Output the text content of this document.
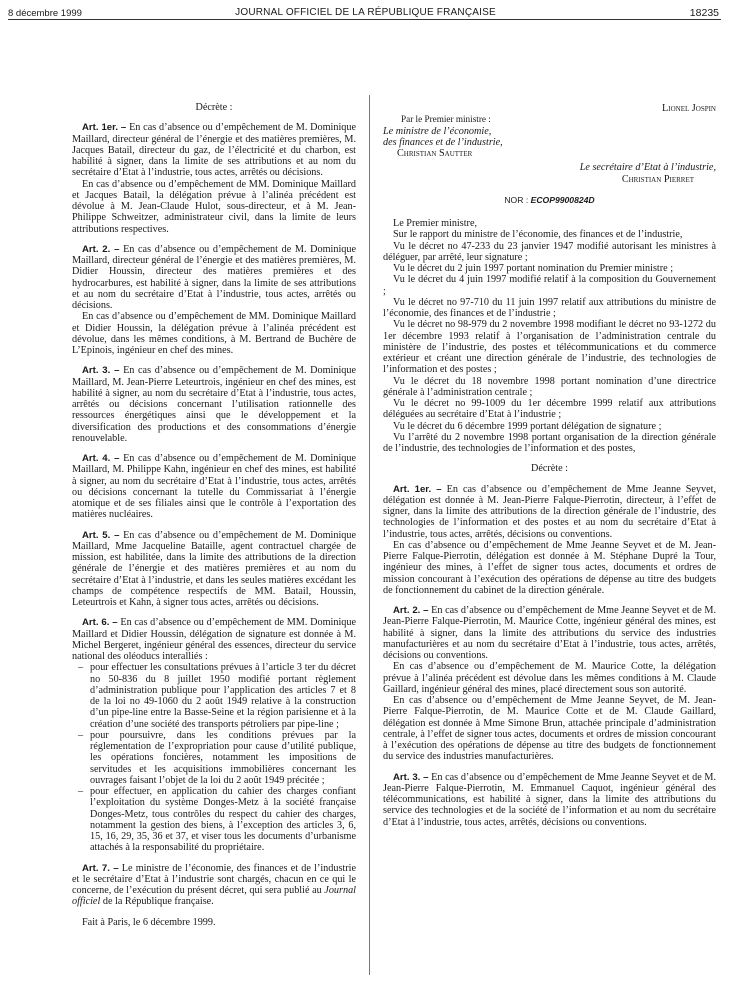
8 décembre 1999	JOURNAL OFFICIEL DE LA RÉPUBLIQUE FRANÇAISE	18235

Décrète :

Art. 1er. – En cas d’absence ou d’empêchement de M. Dominique Maillard, directeur général de l’énergie et des matières premières, M. Jacques Batail, directeur du gaz, de l’électricité et du charbon, est habilité à signer, dans la limite de ses attributions et au nom du secrétaire d’Etat à l’industrie, tous actes, arrêtés ou décisions.

En cas d’absence ou d’empêchement de MM. Dominique Maillard et Jacques Batail, la délégation prévue à l’alinéa précédent est dévolue à M. Jean-Claude Hulot, sous-directeur, et à M. Jean-Philippe Schweitzer, administrateur civil, dans la limite de leurs attributions respectives.

Art. 2. – En cas d’absence ou d’empêchement de M. Dominique Maillard, directeur général de l’énergie et des matières premières, M. Didier Houssin, directeur des matières premières et des hydrocarbures, est habilité à signer, dans la limite de ses attributions et au nom du secrétaire d’Etat à l’industrie, tous actes, arrêtés ou décisions.

En cas d’absence ou d’empêchement de MM. Dominique Maillard et Didier Houssin, la délégation prévue à l’alinéa précédent est dévolue, dans les mêmes conditions, à M. Bertrand de Buchère de L’Epinois, ingénieur en chef des mines.

Art. 3. – En cas d’absence ou d’empêchement de M. Dominique Maillard, M. Jean-Pierre Leteurtrois, ingénieur en chef des mines, est habilité à signer, au nom du secrétaire d’Etat à l’industrie, tous actes, arrêtés ou décisions concernant l’utilisation rationnelle des ressources énergétiques ainsi que le développement et la diversification des productions et des consommations d’énergie renouvelable.

Art. 4. – En cas d’absence ou d’empêchement de M. Dominique Maillard, M. Philippe Kahn, ingénieur en chef des mines, est habilité à signer, au nom du secrétaire d’Etat à l’industrie, tous actes, arrêtés ou décisions concernant la tutelle du Commissariat à l’énergie atomique et de ses filiales ainsi que le contrôle à l’exportation des matières nucléaires.

Art. 5. – En cas d’absence ou d’empêchement de M. Dominique Maillard, Mme Jacqueline Bataille, agent contractuel chargée de mission, est habilitée, dans la limite des attributions de la direction générale de l’énergie et des matières premières et au nom du secrétaire d’Etat à l’industrie, et dans les seules matières excédant les champs de compétence respectifs de MM. Batail, Houssin, Leteurtrois et Kahn, à signer tous actes, arrêtés ou décisions.

Art. 6. – En cas d’absence ou d’empêchement de MM. Dominique Maillard et Didier Houssin, délégation de signature est donnée à M. Michel Bergeret, ingénieur général des essences, directeur du service national des oléoducs interalliés :

– pour effectuer les consultations prévues à l’article 3 ter du décret no 50-836 du 8 juillet 1950 modifié portant règlement d’administration publique pour l’application des articles 7 et 8 de la loi no 49-1060 du 2 août 1949 relative à la construction d’un pipe-line entre la Basse-Seine et la région parisienne et à la création d’une société des transports pétroliers par pipe-line ;
– pour poursuivre, dans les conditions prévues par la réglementation de l’expropriation pour cause d’utilité publique, les opérations foncières, notamment les impositions de servitudes et les acquisitions immobilières concernant les ouvrages faisant l’objet de la loi du 2 août 1949 précitée ;
– pour effectuer, en application du cahier des charges confiant l’exploitation du système Donges-Metz à la société française Donges-Metz, tous contrôles du respect du cahier des charges, notamment la gestion des biens, à l’exception des articles 3, 6, 15, 16, 29, 35, 36 et 37, et viser tous les documents d’urbanisme attachés à la responsabilité du propriétaire.

Art. 7. – Le ministre de l’économie, des finances et de l’industrie et le secrétaire d’Etat à l’industrie sont chargés, chacun en ce qui le concerne, de l’exécution du présent décret, qui sera publié au Journal officiel de la République française.

Fait à Paris, le 6 décembre 1999.

Lionel Jospin

Par le Premier ministre :

Le ministre de l’économie,

des finances et de l’industrie,

Christian Sautter

Le secrétaire d’Etat à l’industrie,

Christian Pierret

NOR : ECOP9900824D

Le Premier ministre,

Sur le rapport du ministre de l’économie, des finances et de l’industrie,

Vu le décret no 47-233 du 23 janvier 1947 modifié autorisant les ministres à déléguer, par arrêté, leur signature ;

Vu le décret du 2 juin 1997 portant nomination du Premier ministre ;

Vu le décret du 4 juin 1997 modifié relatif à la composition du Gouvernement ;

Vu le décret no 97-710 du 11 juin 1997 relatif aux attributions du ministre de l’économie, des finances et de l’industrie ;

Vu le décret no 98-979 du 2 novembre 1998 modifiant le décret no 93-1272 du 1er décembre 1993 relatif à l’organisation de l’administration centrale du ministère de l’industrie, des postes et télécommunications et du commerce extérieur et créant une direction générale de l’industrie, des technologies de l’information et des postes ;

Vu le décret du 18 novembre 1998 portant nomination d’une directrice générale à l’administration centrale ;

Vu le décret no 99-1009 du 1er décembre 1999 relatif aux attributions déléguées au secrétaire d’Etat à l’industrie ;

Vu le décret du 6 décembre 1999 portant délégation de signature ;

Vu l’arrêté du 2 novembre 1998 portant organisation de la direction générale de l’industrie, des technologies de l’information et des postes,

Décrète :

Art. 1er. – En cas d’absence ou d’empêchement de Mme Jeanne Seyvet, délégation est donnée à M. Jean-Pierre Falque-Pierrotin, directeur, à l’effet de signer, dans la limite des attributions de la direction générale de l’industrie, des technologies de l’information et des postes et au nom du secrétaire d’Etat à l’industrie, tous actes, arrêtés, décisions ou conventions.

En cas d’absence ou d’empêchement de Mme Jeanne Seyvet et de M. Jean-Pierre Falque-Pierrotin, délégation est donnée à M. Stéphane Dupré la Tour, ingénieur des mines, à l’effet de signer tous actes, documents et ordres de mission concourant à l’exécution des opérations de dépense au titre des budgets de fonctionnement du cabinet de la direction générale.

Art. 2. – En cas d’absence ou d’empêchement de Mme Jeanne Seyvet et de M. Jean-Pierre Falque-Pierrotin, M. Maurice Cotte, ingénieur général des mines, est habilité à signer, dans la limite des attributions du service des industries manufacturières et au nom du secrétaire d’Etat à l’industrie, tous actes, arrêtés, décisions ou conventions.

En cas d’absence ou d’empêchement de M. Maurice Cotte, la délégation prévue à l’alinéa précédent est dévolue dans les mêmes conditions à M. Claude Gaillard, ingénieur général des mines, placé directement sous son autorité.

En cas d’absence ou d’empêchement de Mme Jeanne Seyvet, de M. Jean-Pierre Falque-Pierrotin, de M. Maurice Cotte et de M. Claude Gaillard, délégation est donnée à Mme Simone Brun, attachée principale d’administration centrale, à l’effet de signer tous actes, documents et ordres de mission concourant à l’exécution des opérations de dépense au titre des budgets de fonctionnement du service des industries manufacturières.

Art. 3. – En cas d’absence ou d’empêchement de Mme Jeanne Seyvet et de M. Jean-Pierre Falque-Pierrotin, M. Emmanuel Caquot, ingénieur général des télécommunications, est habilité à signer, dans la limite des attributions du service des technologies et de la société de l’information et au nom du secrétaire d’Etat à l’industrie, tous actes, arrêtés, décisions ou conventions.
